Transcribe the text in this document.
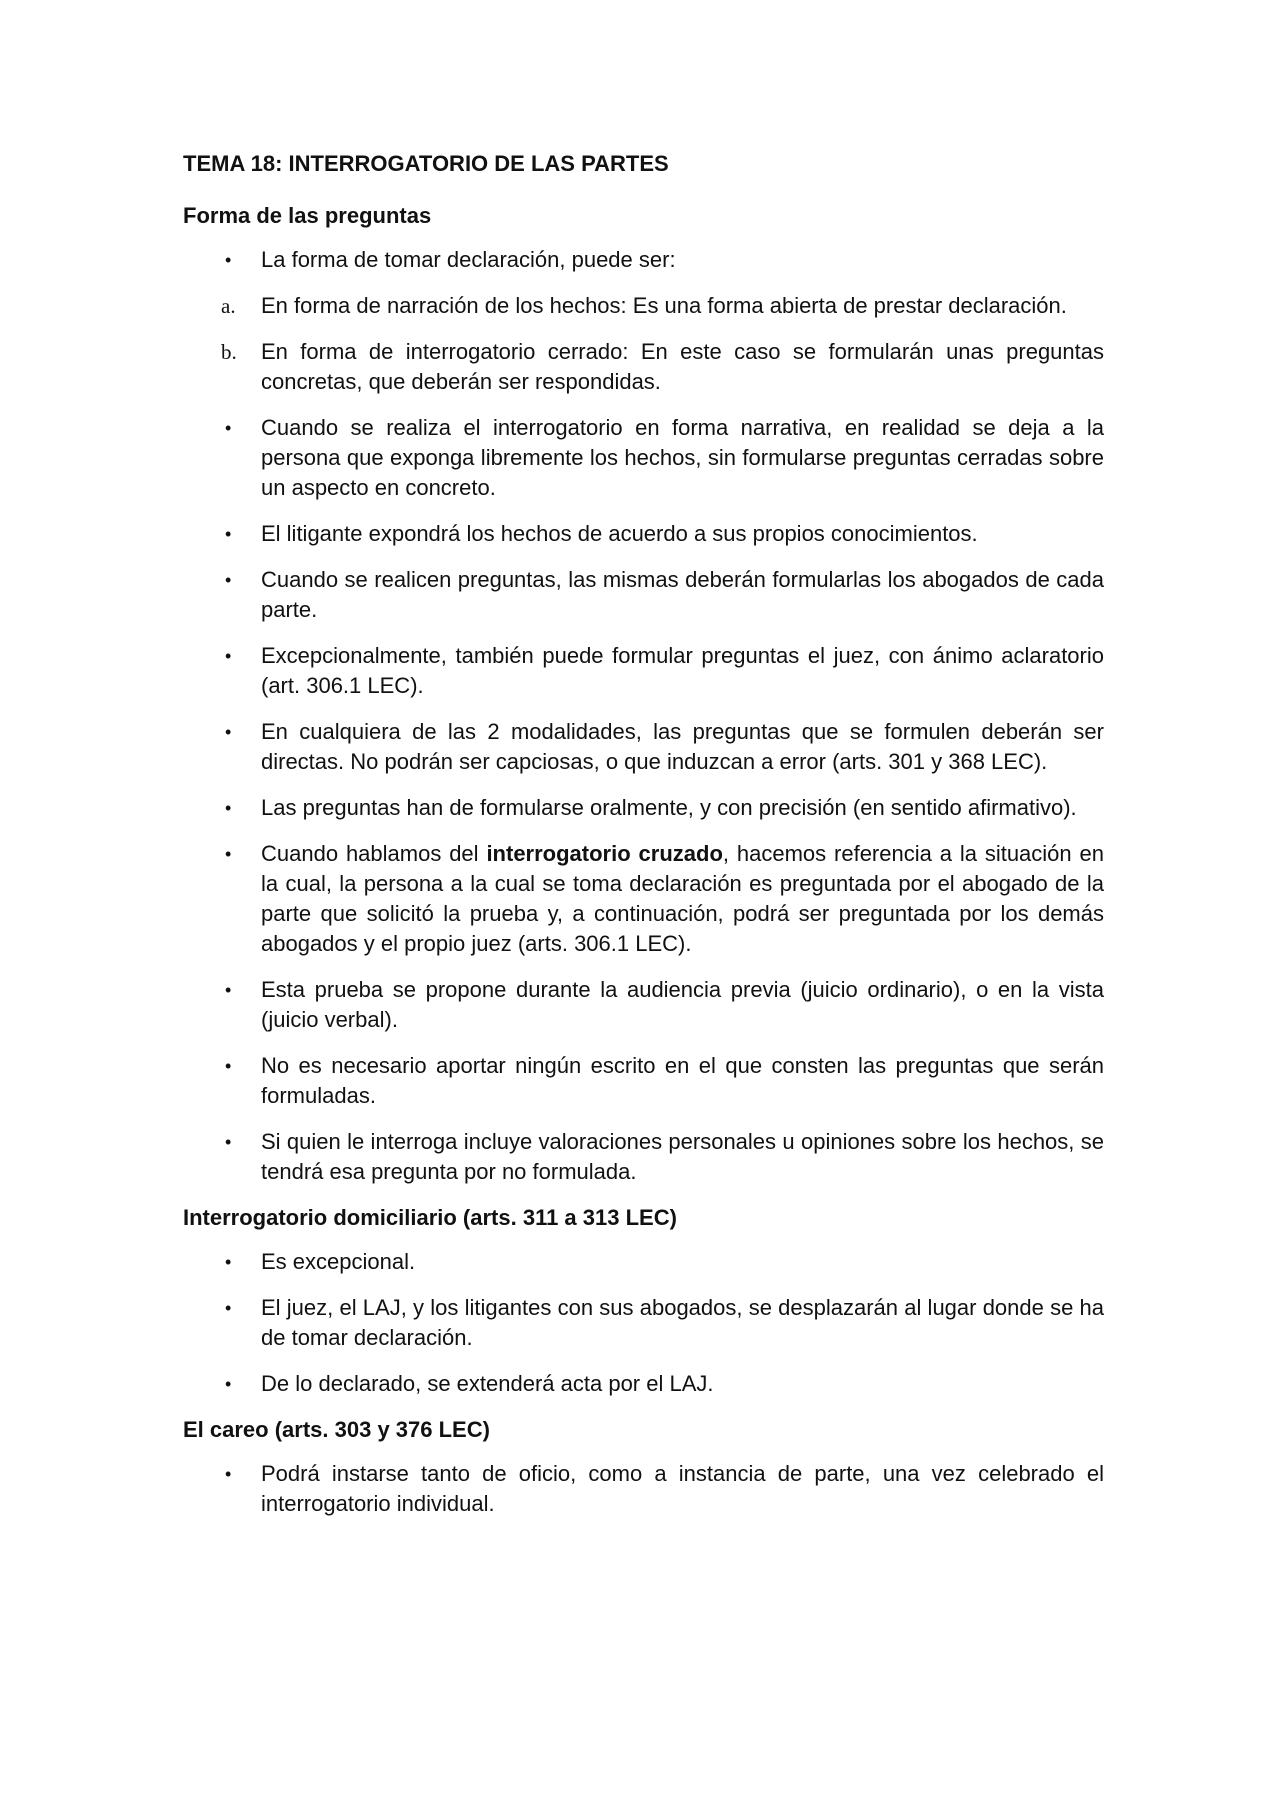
TEMA 18: INTERROGATORIO DE LAS PARTES
Forma de las preguntas
•	La forma de tomar declaración, puede ser:
a.	En forma de narración de los hechos: Es una forma abierta de prestar declaración.
b.	En forma de interrogatorio cerrado: En este caso se formularán unas preguntas concretas, que deberán ser respondidas.
•	Cuando se realiza el interrogatorio en forma narrativa, en realidad se deja a la persona que exponga libremente los hechos, sin formularse preguntas cerradas sobre un aspecto en concreto.
•	El litigante expondrá los hechos de acuerdo a sus propios conocimientos.
•	Cuando se realicen preguntas, las mismas deberán formularlas los abogados de cada parte.
•	Excepcionalmente, también puede formular preguntas el juez, con ánimo aclaratorio (art. 306.1 LEC).
•	En cualquiera de las 2 modalidades, las preguntas que se formulen deberán ser directas. No podrán ser capciosas, o que induzcan a error (arts. 301 y 368 LEC).
•	Las preguntas han de formularse oralmente, y con precisión (en sentido afirmativo).
•	Cuando hablamos del interrogatorio cruzado, hacemos referencia a la situación en la cual, la persona a la cual se toma declaración es preguntada por el abogado de la parte que solicitó la prueba y, a continuación, podrá ser preguntada por los demás abogados y el propio juez (arts. 306.1 LEC).
•	Esta prueba se propone durante la audiencia previa (juicio ordinario), o en la vista (juicio verbal).
•	No es necesario aportar ningún escrito en el que consten las preguntas que serán formuladas.
•	Si quien le interroga incluye valoraciones personales u opiniones sobre los hechos, se tendrá esa pregunta por no formulada.
Interrogatorio domiciliario (arts. 311 a 313 LEC)
•	Es excepcional.
•	El juez, el LAJ, y los litigantes con sus abogados, se desplazarán al lugar donde se ha de tomar declaración.
•	De lo declarado, se extenderá acta por el LAJ.
El careo (arts. 303 y 376 LEC)
•	Podrá instarse tanto de oficio, como a instancia de parte, una vez celebrado el interrogatorio individual.
